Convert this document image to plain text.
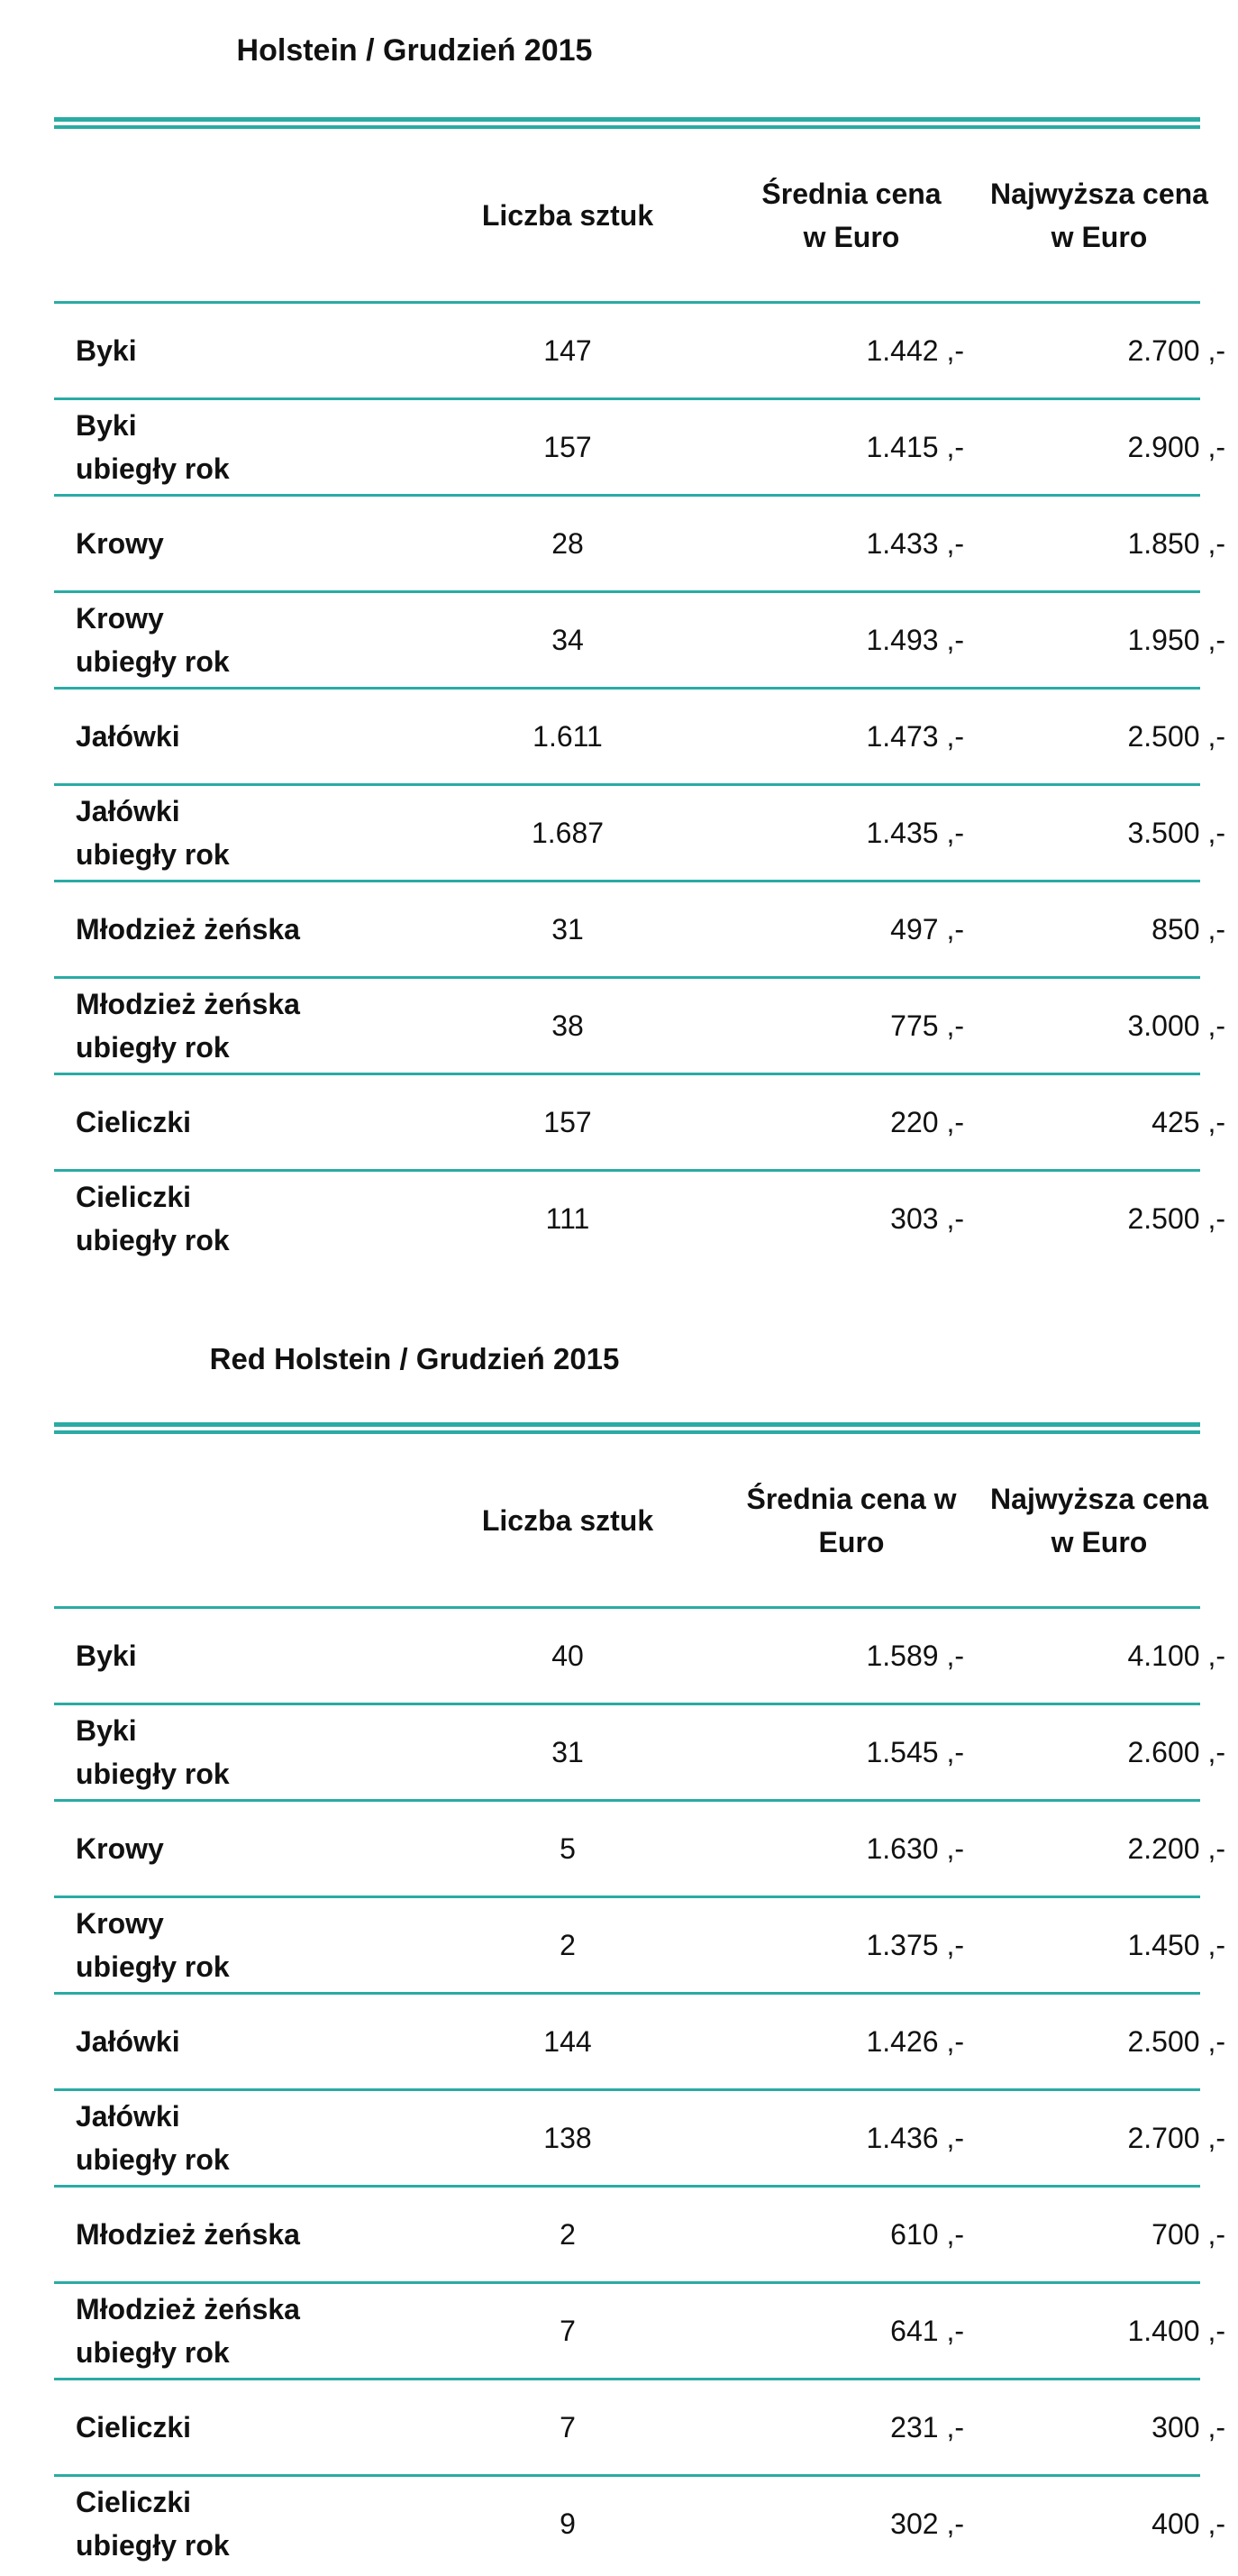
Holstein / Grudzień 2015
Liczba sztuk
Średnia cena
w Euro
Najwyższa cena
w Euro
Byki	147	1.442 ,-	2.700 ,-
Byki
ubiegły rok
157	1.415 ,-	2.900 ,-
Krowy	28	1.433 ,-	1.850 ,-
Krowy
ubiegły rok
34	1.493 ,-	1.950 ,-
Jałówki	1.611	1.473 ,-	2.500 ,-
Jałówki
ubiegły rok
1.687	1.435 ,-	3.500 ,-
Młodzież żeńska	31	497 ,-	850 ,-
Młodzież żeńska
ubiegły rok
38	775 ,-	3.000 ,-
Cieliczki	157	220 ,-	425 ,-
Cieliczki
ubiegły rok
111	303 ,-	2.500 ,-
Red Holstein / Grudzień 2015
Liczba sztuk
Średnia cena w
Euro
Najwyższa cena
w Euro
Byki	40	1.589 ,-	4.100 ,-
Byki
ubiegły rok
31	1.545 ,-	2.600 ,-
Krowy	5	1.630 ,-	2.200 ,-
Krowy
ubiegły rok
2	1.375 ,-	1.450 ,-
Jałówki	144	1.426 ,-	2.500 ,-
Jałówki
ubiegły rok
138	1.436 ,-	2.700 ,-
Młodzież żeńska	2	610 ,-	700 ,-
Młodzież żeńska
ubiegły rok
7	641 ,-	1.400 ,-
Cieliczki	7	231 ,-	300 ,-
Cieliczki
ubiegły rok
9	302 ,-	400 ,-
